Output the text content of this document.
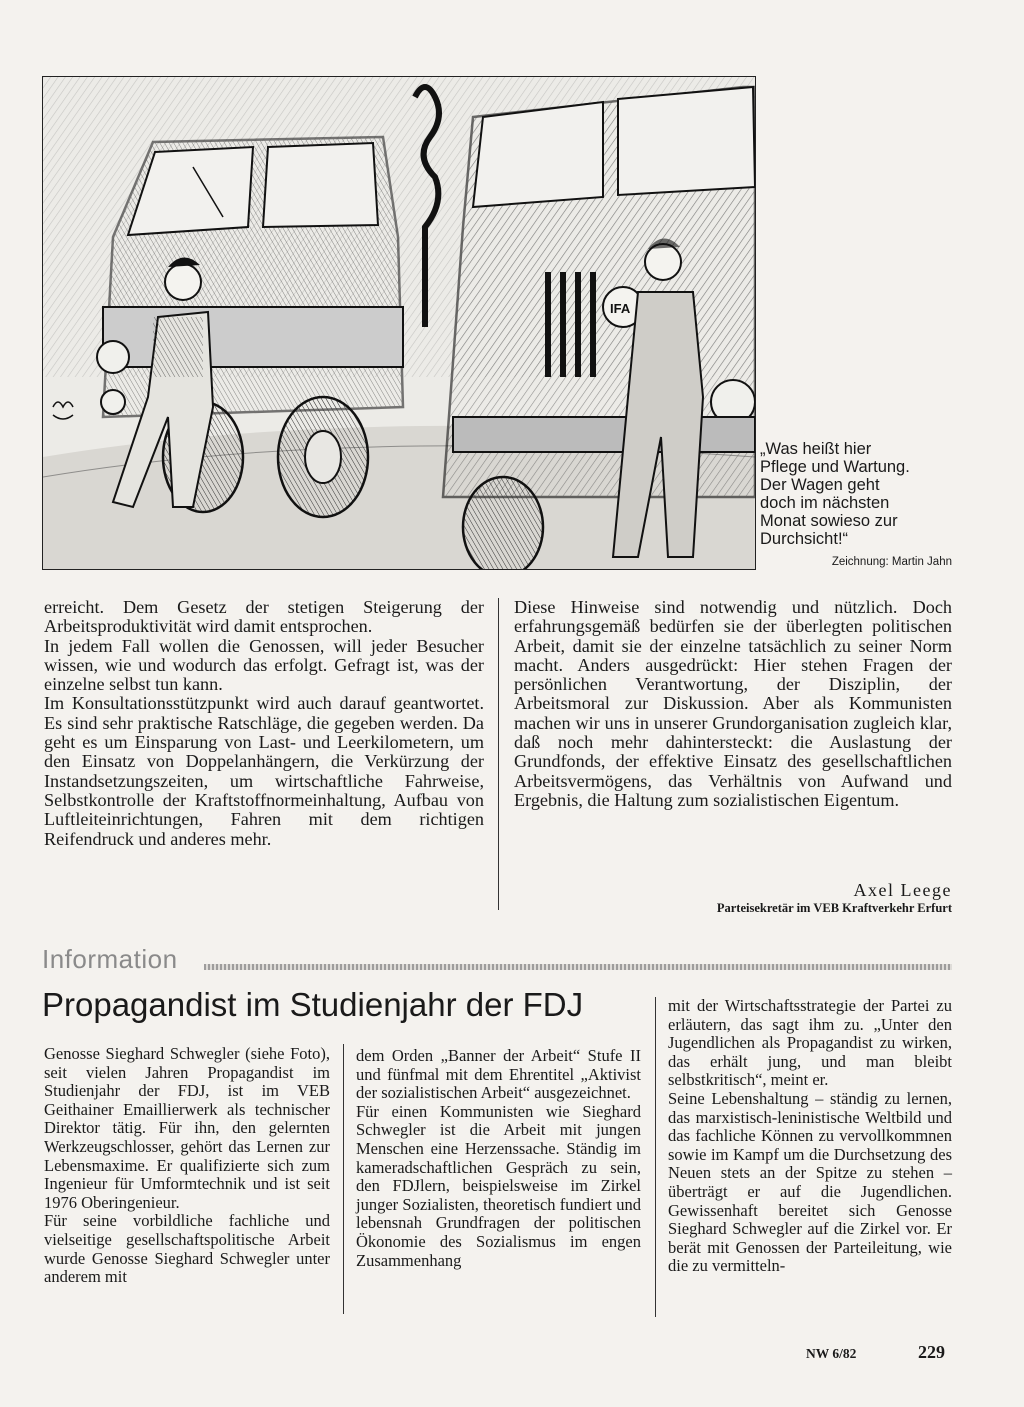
IFA
„Was heißt hier
Pflege und Wartung.
Der Wagen geht
doch im nächsten
Monat sowieso zur
Durchsicht!“
Zeichnung: Martin Jahn

erreicht. Dem Gesetz der stetigen Steigerung der Arbeitsproduktivität wird damit entsprochen.

In jedem Fall wollen die Genossen, will jeder Besucher wissen, wie und wodurch das erfolgt. Gefragt ist, was der einzelne selbst tun kann.

Im Konsultationsstützpunkt wird auch darauf geantwortet. Es sind sehr praktische Ratschläge, die gegeben werden. Da geht es um Einsparung von Last- und Leerkilometern, um den Einsatz von Doppelanhängern, die Verkürzung der Instandsetzungszeiten, um wirtschaftliche Fahrweise, Selbstkontrolle der Kraftstoffnormeinhaltung, Aufbau von Luftleiteinrichtungen, Fahren mit dem richtigen Reifendruck und anderes mehr.

Diese Hinweise sind notwendig und nützlich. Doch erfahrungsgemäß bedürfen sie der überlegten politischen Arbeit, damit sie der einzelne tatsächlich zu seiner Norm macht. Anders ausgedrückt: Hier stehen Fragen der persönlichen Verantwortung, der Disziplin, der Arbeitsmoral zur Diskussion. Aber als Kommunisten machen wir uns in unserer Grundorganisation zugleich klar, daß noch mehr dahintersteckt: die Auslastung der Grundfonds, der effektive Einsatz des gesellschaftlichen Arbeitsvermögens, das Verhältnis von Aufwand und Ergebnis, die Haltung zum sozialistischen Eigentum.

Axel Leege
Parteisekretär im VEB Kraftverkehr Erfurt
Information
Propagandist im Studienjahr der FDJ

Genosse Sieghard Schwegler (siehe Foto), seit vielen Jahren Propagandist im Studienjahr der FDJ, ist im VEB Geithainer Emaillierwerk als technischer Direktor tätig. Für ihn, den gelernten Werkzeugschlosser, gehört das Lernen zur Lebensmaxime. Er qualifizierte sich zum Ingenieur für Umformtechnik und ist seit 1976 Oberingenieur.

Für seine vorbildliche fachliche und vielseitige gesellschaftspolitische Arbeit wurde Genosse Sieghard Schwegler unter anderem mit

dem Orden „Banner der Arbeit“ Stufe II und fünfmal mit dem Ehrentitel „Aktivist der sozialistischen Arbeit“ ausgezeichnet.

Für einen Kommunisten wie Sieghard Schwegler ist die Arbeit mit jungen Menschen eine Herzenssache. Ständig im kameradschaftlichen Gespräch zu sein, den FDJlern, beispielsweise im Zirkel junger Sozialisten, theoretisch fundiert und lebensnah Grundfragen der politischen Ökonomie des Sozialismus im engen Zusammenhang

mit der Wirtschaftsstrategie der Partei zu erläutern, das sagt ihm zu. „Unter den Jugendlichen als Propagandist zu wirken, das erhält jung, und man bleibt selbstkritisch“, meint er.

Seine Lebenshaltung – ständig zu lernen, das marxistisch-leninistische Weltbild und das fachliche Können zu vervollkommnen sowie im Kampf um die Durchsetzung des Neuen stets an der Spitze zu stehen – überträgt er auf die Jugendlichen. Gewissenhaft bereitet sich Genosse Sieghard Schwegler auf die Zirkel vor. Er berät mit Genossen der Parteileitung, wie die zu vermitteln-

NW 6/82	229
